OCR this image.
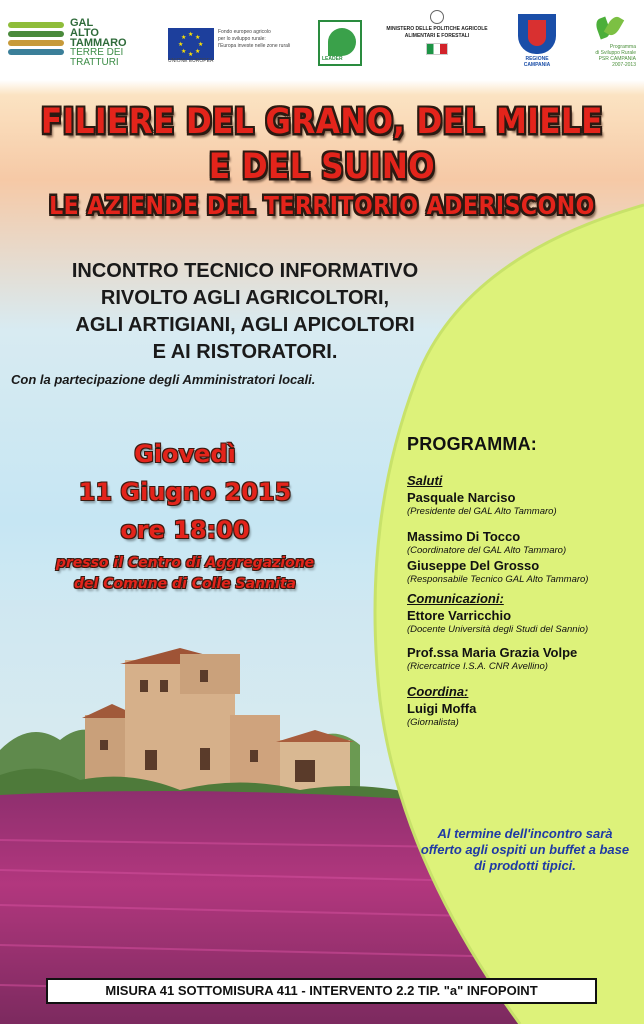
GAL
ALTO
TAMMARO
TERRE DEI TRATTURI
★ ★
★
★
★
★
★
★
Fondo europeo agricolo
per lo sviluppo rurale:
l'Europa investe nelle zone rurali
UNIONE EUROPEA	LEADER
MINISTERO DELLE POLITICHE AGRICOLE
ALIMENTARI E FORESTALI
REGIONE CAMPANIA
Programma
di Sviluppo Rurale
PSR CAMPANIA
2007-2013
FILIERE DEL GRANO, DEL MIELE
E DEL SUINO
LE AZIENDE DEL TERRITORIO ADERISCONO
INCONTRO TECNICO INFORMATIVO
RIVOLTO AGLI AGRICOLTORI,
AGLI ARTIGIANI, AGLI APICOLTORI
E AI RISTORATORI.
Con la partecipazione degli Amministratori locali.
Giovedì
11 Giugno 2015
ore 18:00
presso il Centro di Aggregazione
del Comune di Colle Sannita
PROGRAMMA:
Saluti
Pasquale Narciso
(Presidente del GAL Alto Tammaro)
Massimo Di Tocco
(Coordinatore del GAL Alto Tammaro)
Giuseppe Del Grosso
(Responsabile Tecnico GAL Alto Tammaro)
Comunicazioni:
Ettore Varricchio
(Docente Università degli Studi del Sannio)
Prof.ssa Maria Grazia Volpe
(Ricercatrice I.S.A. CNR Avellino)
Coordina:
Luigi Moffa
(Giornalista)
Al termine dell'incontro sarà offerto agli ospiti un buffet a base di prodotti tipici.
MISURA 41 SOTTOMISURA 411 - INTERVENTO 2.2 TIP. "a" INFOPOINT
